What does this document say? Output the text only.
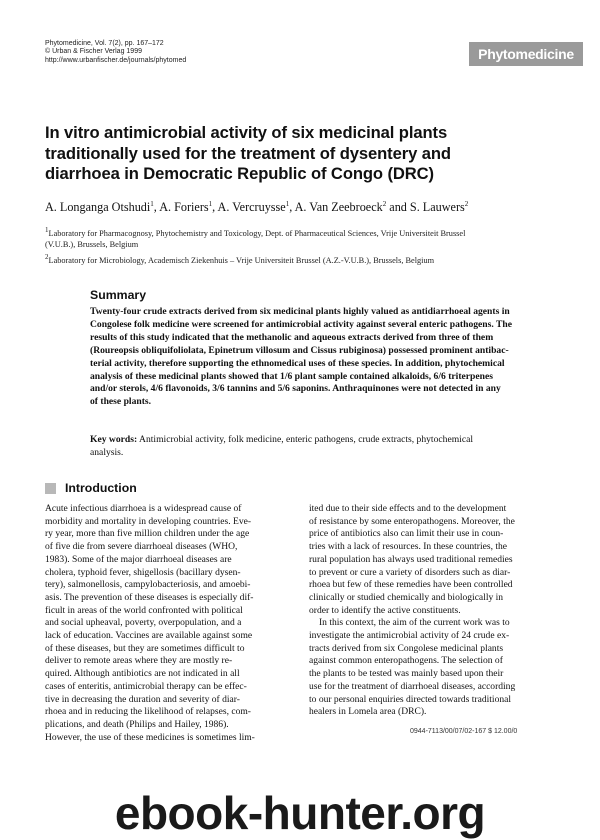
Phytomedicine, Vol. 7(2), pp. 167–172
© Urban & Fischer Verlag 1999
http://www.urbanfischer.de/journals/phytomed	Phytomedicine
In vitro antimicrobial activity of six medicinal plants
traditionally used for the treatment of dysentery and
diarrhoea in Democratic Republic of Congo (DRC)
A. Longanga Otshudi$^1$, A. Foriers$^1$, A. Vercruysse$^1$, A. Van Zeebroeck$^2$ and S. Lauwers$^2$
$^1$Laboratory for Pharmacognosy, Phytochemistry and Toxicology, Dept. of Pharmaceutical Sciences, Vrije Universiteit Brussel
(V.U.B.), Brussels, Belgium
$^2$Laboratory for Microbiology, Academisch Ziekenhuis – Vrije Universiteit Brussel (A.Z.-V.U.B.), Brussels, Belgium
Summary
Twenty-four crude extracts derived from six medicinal plants highly valued as antidiarrhoeal agents in
Congolese folk medicine were screened for antimicrobial activity against several enteric pathogens. The
results of this study indicated that the methanolic and aqueous extracts derived from three of them
(Roureopsis obliquifoliolata, Epinetrum villosum and Cissus rubiginosa) possessed prominent antibac-
terial activity, therefore supporting the ethnomedical uses of these species. In addition, phytochemical
analysis of these medicinal plants showed that 1/6 plant sample contained alkaloids, 6/6 triterpenes
and/or sterols, 4/6 flavonoids, 3/6 tannins and 5/6 saponins. Anthraquinones were not detected in any
of these plants.
Key words: Antimicrobial activity, folk medicine, enteric pathogens, crude extracts, phytochemical
analysis.
Introduction
Acute infectious diarrhoea is a widespread cause of
morbidity and mortality in developing countries. Eve-
ry year, more than five million children under the age
of five die from severe diarrhoeal diseases (WHO,
1983). Some of the major diarrhoeal diseases are
cholera, typhoid fever, shigellosis (bacillary dysen-
tery), salmonellosis, campylobacteriosis, and amoebi-
asis. The prevention of these diseases is especially dif-
ficult in areas of the world confronted with political
and social upheaval, poverty, overpopulation, and a
lack of education. Vaccines are available against some
of these diseases, but they are sometimes difficult to
deliver to remote areas where they are mostly re-
quired. Although antibiotics are not indicated in all
cases of enteritis, antimicrobial therapy can be effec-
tive in decreasing the duration and severity of diar-
rhoea and in reducing the likelihood of relapses, com-
plications, and death (Philips and Hailey, 1986).
However, the use of these medicines is sometimes lim-
ited due to their side effects and to the development
of resistance by some enteropathogens. Moreover, the
price of antibiotics also can limit their use in coun-
tries with a lack of resources. In these countries, the
rural population has always used traditional remedies
to prevent or cure a variety of disorders such as diar-
rhoea but few of these remedies have been controlled
clinically or studied chemically and biologically in
order to identify the active constituents.
In this context, the aim of the current work was to
investigate the antimicrobial activity of 24 crude ex-
tracts derived from six Congolese medicinal plants
against common enteropathogens. The selection of
the plants to be tested was mainly based upon their
use for the treatment of diarrhoeal diseases, according
to our personal enquiries directed towards traditional
healers in Lomela area (DRC).
0944-7113/00/07/02-167 $ 12.00/0
ebook-hunter.org
